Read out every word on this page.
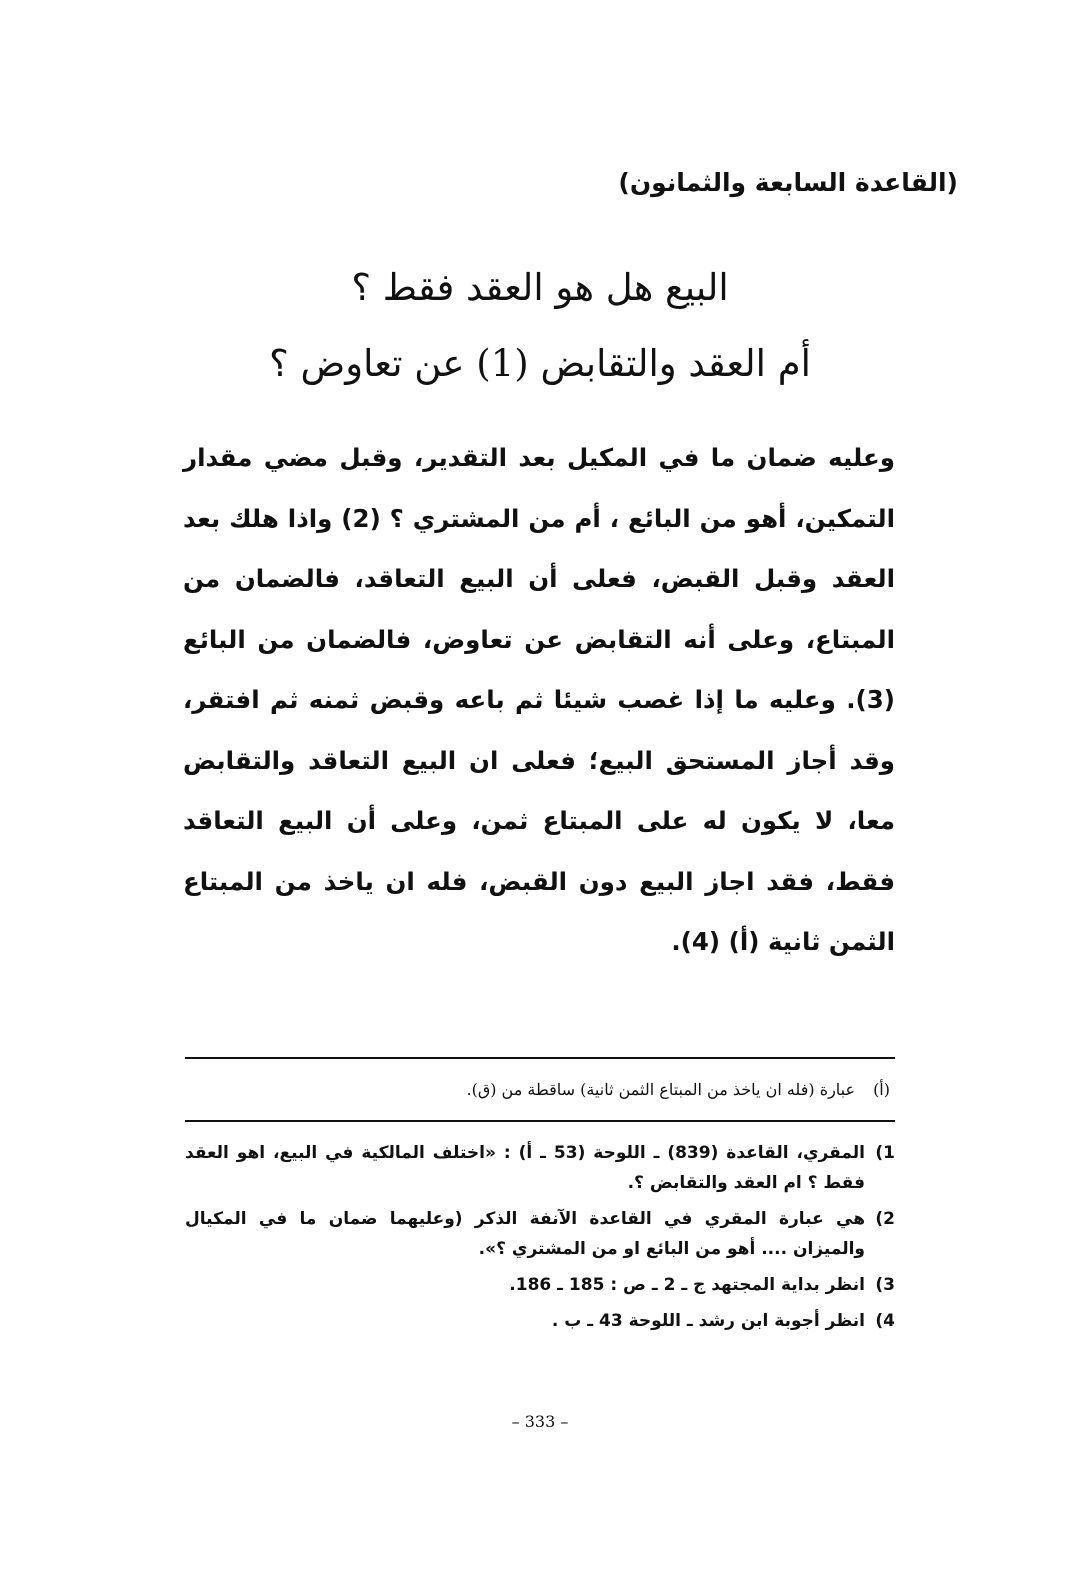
(القاعدة السابعة والثمانون)
البيع هل هو العقد فقط ؟
أم العقد والتقابض (1) عن تعاوض ؟

وعليه ضمان ما في المكيل بعد التقدير، وقبل مضي مقدار التمكين، أهو من البائع ، أم من المشتري ؟ (2) واذا هلك بعد العقد وقبل القبض، فعلى أن البيع التعاقد، فالضمان من المبتاع، وعلى أنه التقابض عن تعاوض، فالضمان من البائع (3). وعليه ما إذا غصب شيئا ثم باعه وقبض ثمنه ثم افتقر، وقد أجاز المستحق البيع؛ فعلى ان البيع التعاقد والتقابض معا، لا يكون له على المبتاع ثمن، وعلى أن البيع التعاقد فقط، فقد اجاز البيع دون القبض، فله ان ياخذ من المبتاع الثمن ثانية (أ) (4).

(أ)عبارة (فله ان ياخذ من المبتاع الثمن ثانية) ساقطة من (ق).

1)
المقري، القاعدة (839) ـ اللوحة (53 ـ أ) : «اختلف المالكية في البيع، اهو العقد فقط ؟ ام العقد والتقابض ؟.
2)
هي عبارة المقري في القاعدة الآنفة الذكر (وعليهما ضمان ما في المكيال والميزان .... أهو من البائع او من المشتري ؟».
3)
انظر بداية المجتهد ج ـ 2 ـ ص : 185 ـ 186.
4)
انظر أجوبة ابن رشد ـ اللوحة 43 ـ ب .

– 333 –
